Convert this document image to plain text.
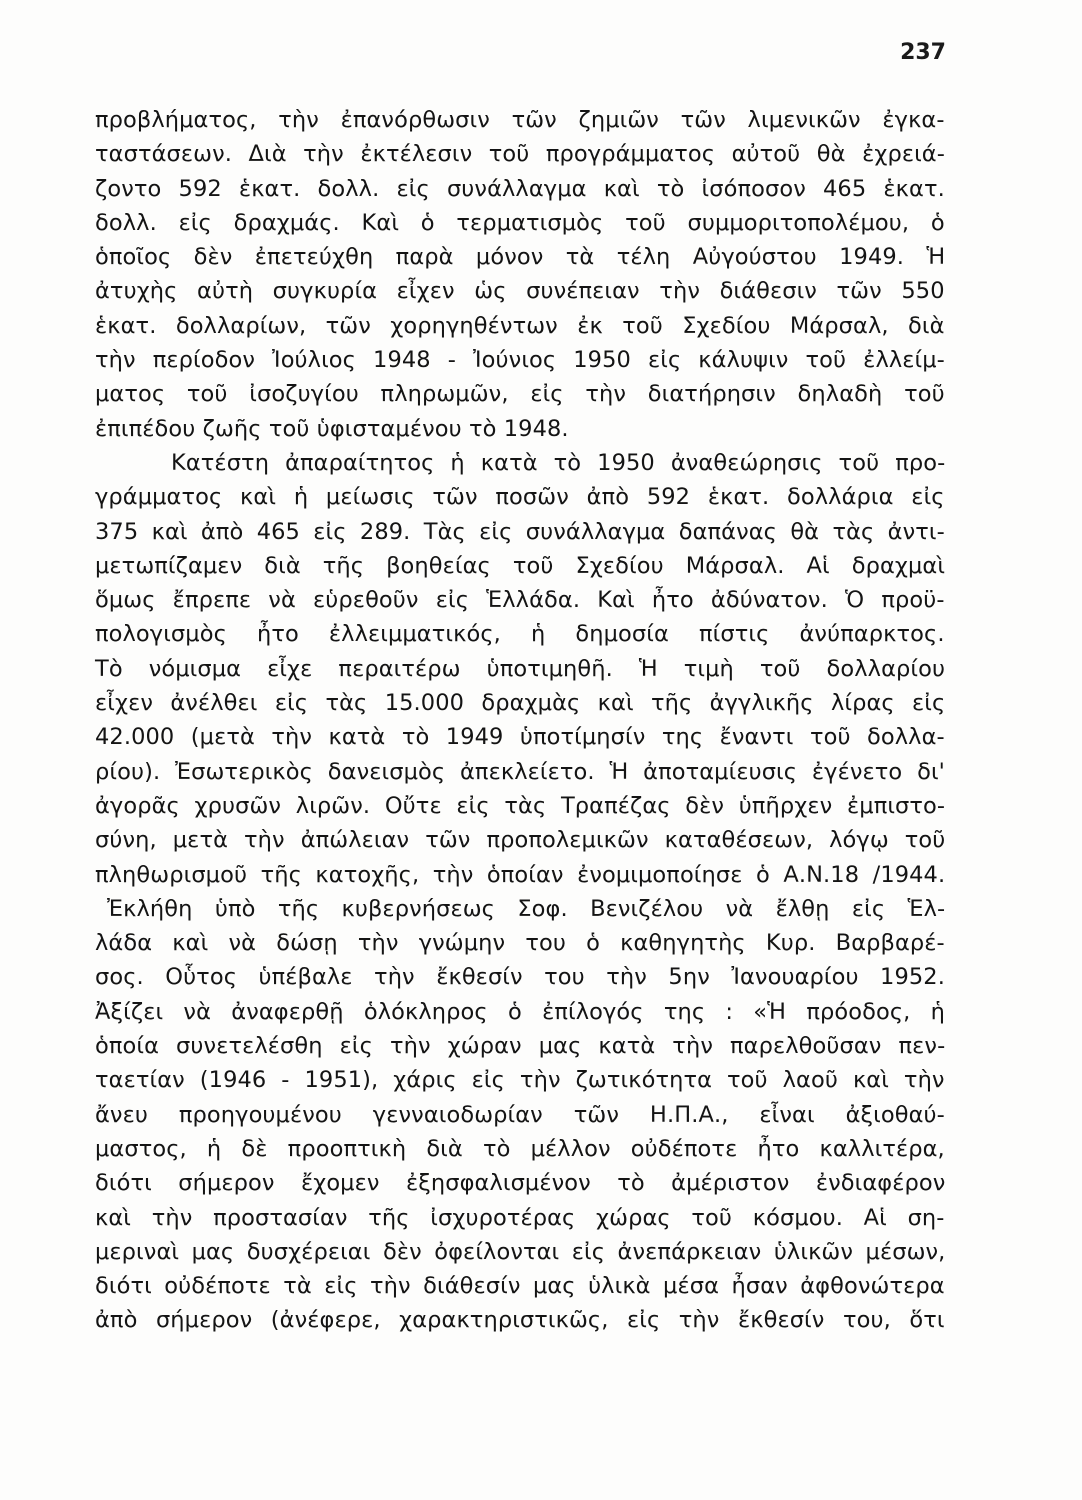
237
προβλήματος, τὴν ἐπανόρθωσιν τῶν ζημιῶν τῶν λιμενικῶν ἐγκα-
ταστάσεων. Διὰ τὴν ἐκτέλεσιν τοῦ προγράμματος αὐτοῦ θὰ ἐχρειά-
ζοντο 592 ἑκατ. δολλ. εἰς συνάλλαγμα καὶ τὸ ἰσόποσον 465 ἑκατ.
δολλ. εἰς δραχμάς. Καὶ ὁ τερματισμὸς τοῦ συμμοριτοπολέμου, ὁ
ὁποῖος δὲν ἐπετεύχθη παρὰ μόνον τὰ τέλη Αὐγούστου 1949. Ἡ
ἀτυχὴς αὐτὴ συγκυρία εἶχεν ὡς συνέπειαν τὴν διάθεσιν τῶν 550
ἑκατ. δολλαρίων, τῶν χορηγηθέντων ἐκ τοῦ Σχεδίου Μάρσαλ, διὰ
τὴν περίοδον Ἰούλιος 1948 - Ἰούνιος 1950 εἰς κάλυψιν τοῦ ἐλλείμ-
ματος τοῦ ἰσοζυγίου πληρωμῶν, εἰς τὴν διατήρησιν δηλαδὴ τοῦ
ἐπιπέδου ζωῆς τοῦ ὑφισταμένου τὸ 1948.
Κατέστη ἀπαραίτητος ἡ κατὰ τὸ 1950 ἀναθεώρησις τοῦ προ-
γράμματος καὶ ἡ μείωσις τῶν ποσῶν ἀπὸ 592 ἑκατ. δολλάρια εἰς
375 καὶ ἀπὸ 465 εἰς 289. Τὰς εἰς συνάλλαγμα δαπάνας θὰ τὰς ἀντι-
μετωπίζαμεν διὰ τῆς βοηθείας τοῦ Σχεδίου Μάρσαλ. Αἱ δραχμαὶ
ὅμως ἔπρεπε νὰ εὑρεθοῦν εἰς Ἑλλάδα. Καὶ ἦτο ἀδύνατον. Ὁ προϋ-
πολογισμὸς ἦτο ἐλλειμματικός, ἡ δημοσία πίστις ἀνύπαρκτος.
Τὸ νόμισμα εἶχε περαιτέρω ὑποτιμηθῆ. Ἡ τιμὴ τοῦ δολλαρίου
εἶχεν ἀνέλθει εἰς τὰς 15.000 δραχμὰς καὶ τῆς ἀγγλικῆς λίρας εἰς
42.000 (μετὰ τὴν κατὰ τὸ 1949 ὑποτίμησίν της ἔναντι τοῦ δολλα-
ρίου). Ἐσωτερικὸς δανεισμὸς ἀπεκλείετο. Ἡ ἀποταμίευσις ἐγένετο δι'
ἀγορᾶς χρυσῶν λιρῶν. Οὔτε εἰς τὰς Τραπέζας δὲν ὑπῆρχεν ἐμπιστο-
σύνη, μετὰ τὴν ἀπώλειαν τῶν προπολεμικῶν καταθέσεων, λόγῳ τοῦ
πληθωρισμοῦ τῆς κατοχῆς, τὴν ὁποίαν ἐνομιμοποίησε ὁ Α.Ν.18 /1944.
Ἐκλήθη ὑπὸ τῆς κυβερνήσεως Σοφ. Βενιζέλου νὰ ἔλθῃ εἰς Ἑλ-
λάδα καὶ νὰ δώσῃ τὴν γνώμην του ὁ καθηγητὴς Κυρ. Βαρβαρέ-
σος. Οὗτος ὑπέβαλε τὴν ἔκθεσίν του τὴν 5ην Ἰανουαρίου 1952.
Ἀξίζει νὰ ἀναφερθῇ ὁλόκληρος ὁ ἐπίλογός της : «Ἡ πρόοδος, ἡ
ὁποία συνετελέσθη εἰς τὴν χώραν μας κατὰ τὴν παρελθοῦσαν πεν-
ταετίαν (1946 - 1951), χάρις εἰς τὴν ζωτικότητα τοῦ λαοῦ καὶ τὴν
ἄνευ προηγουμένου γενναιοδωρίαν τῶν Η.Π.Α., εἶναι ἀξιοθαύ-
μαστος, ἡ δὲ προοπτικὴ διὰ τὸ μέλλον οὐδέποτε ἦτο καλλιτέρα,
διότι σήμερον ἔχομεν ἐξησφαλισμένον τὸ ἀμέριστον ἐνδιαφέρον
καὶ τὴν προστασίαν τῆς ἰσχυροτέρας χώρας τοῦ κόσμου. Αἱ ση-
μεριναὶ μας δυσχέρειαι δὲν ὀφείλονται εἰς ἀνεπάρκειαν ὑλικῶν μέσων,
διότι οὐδέποτε τὰ εἰς τὴν διάθεσίν μας ὑλικὰ μέσα ἦσαν ἀφθονώτερα
ἀπὸ σήμερον (ἀνέφερε, χαρακτηριστικῶς, εἰς τὴν ἔκθεσίν του, ὅτι
